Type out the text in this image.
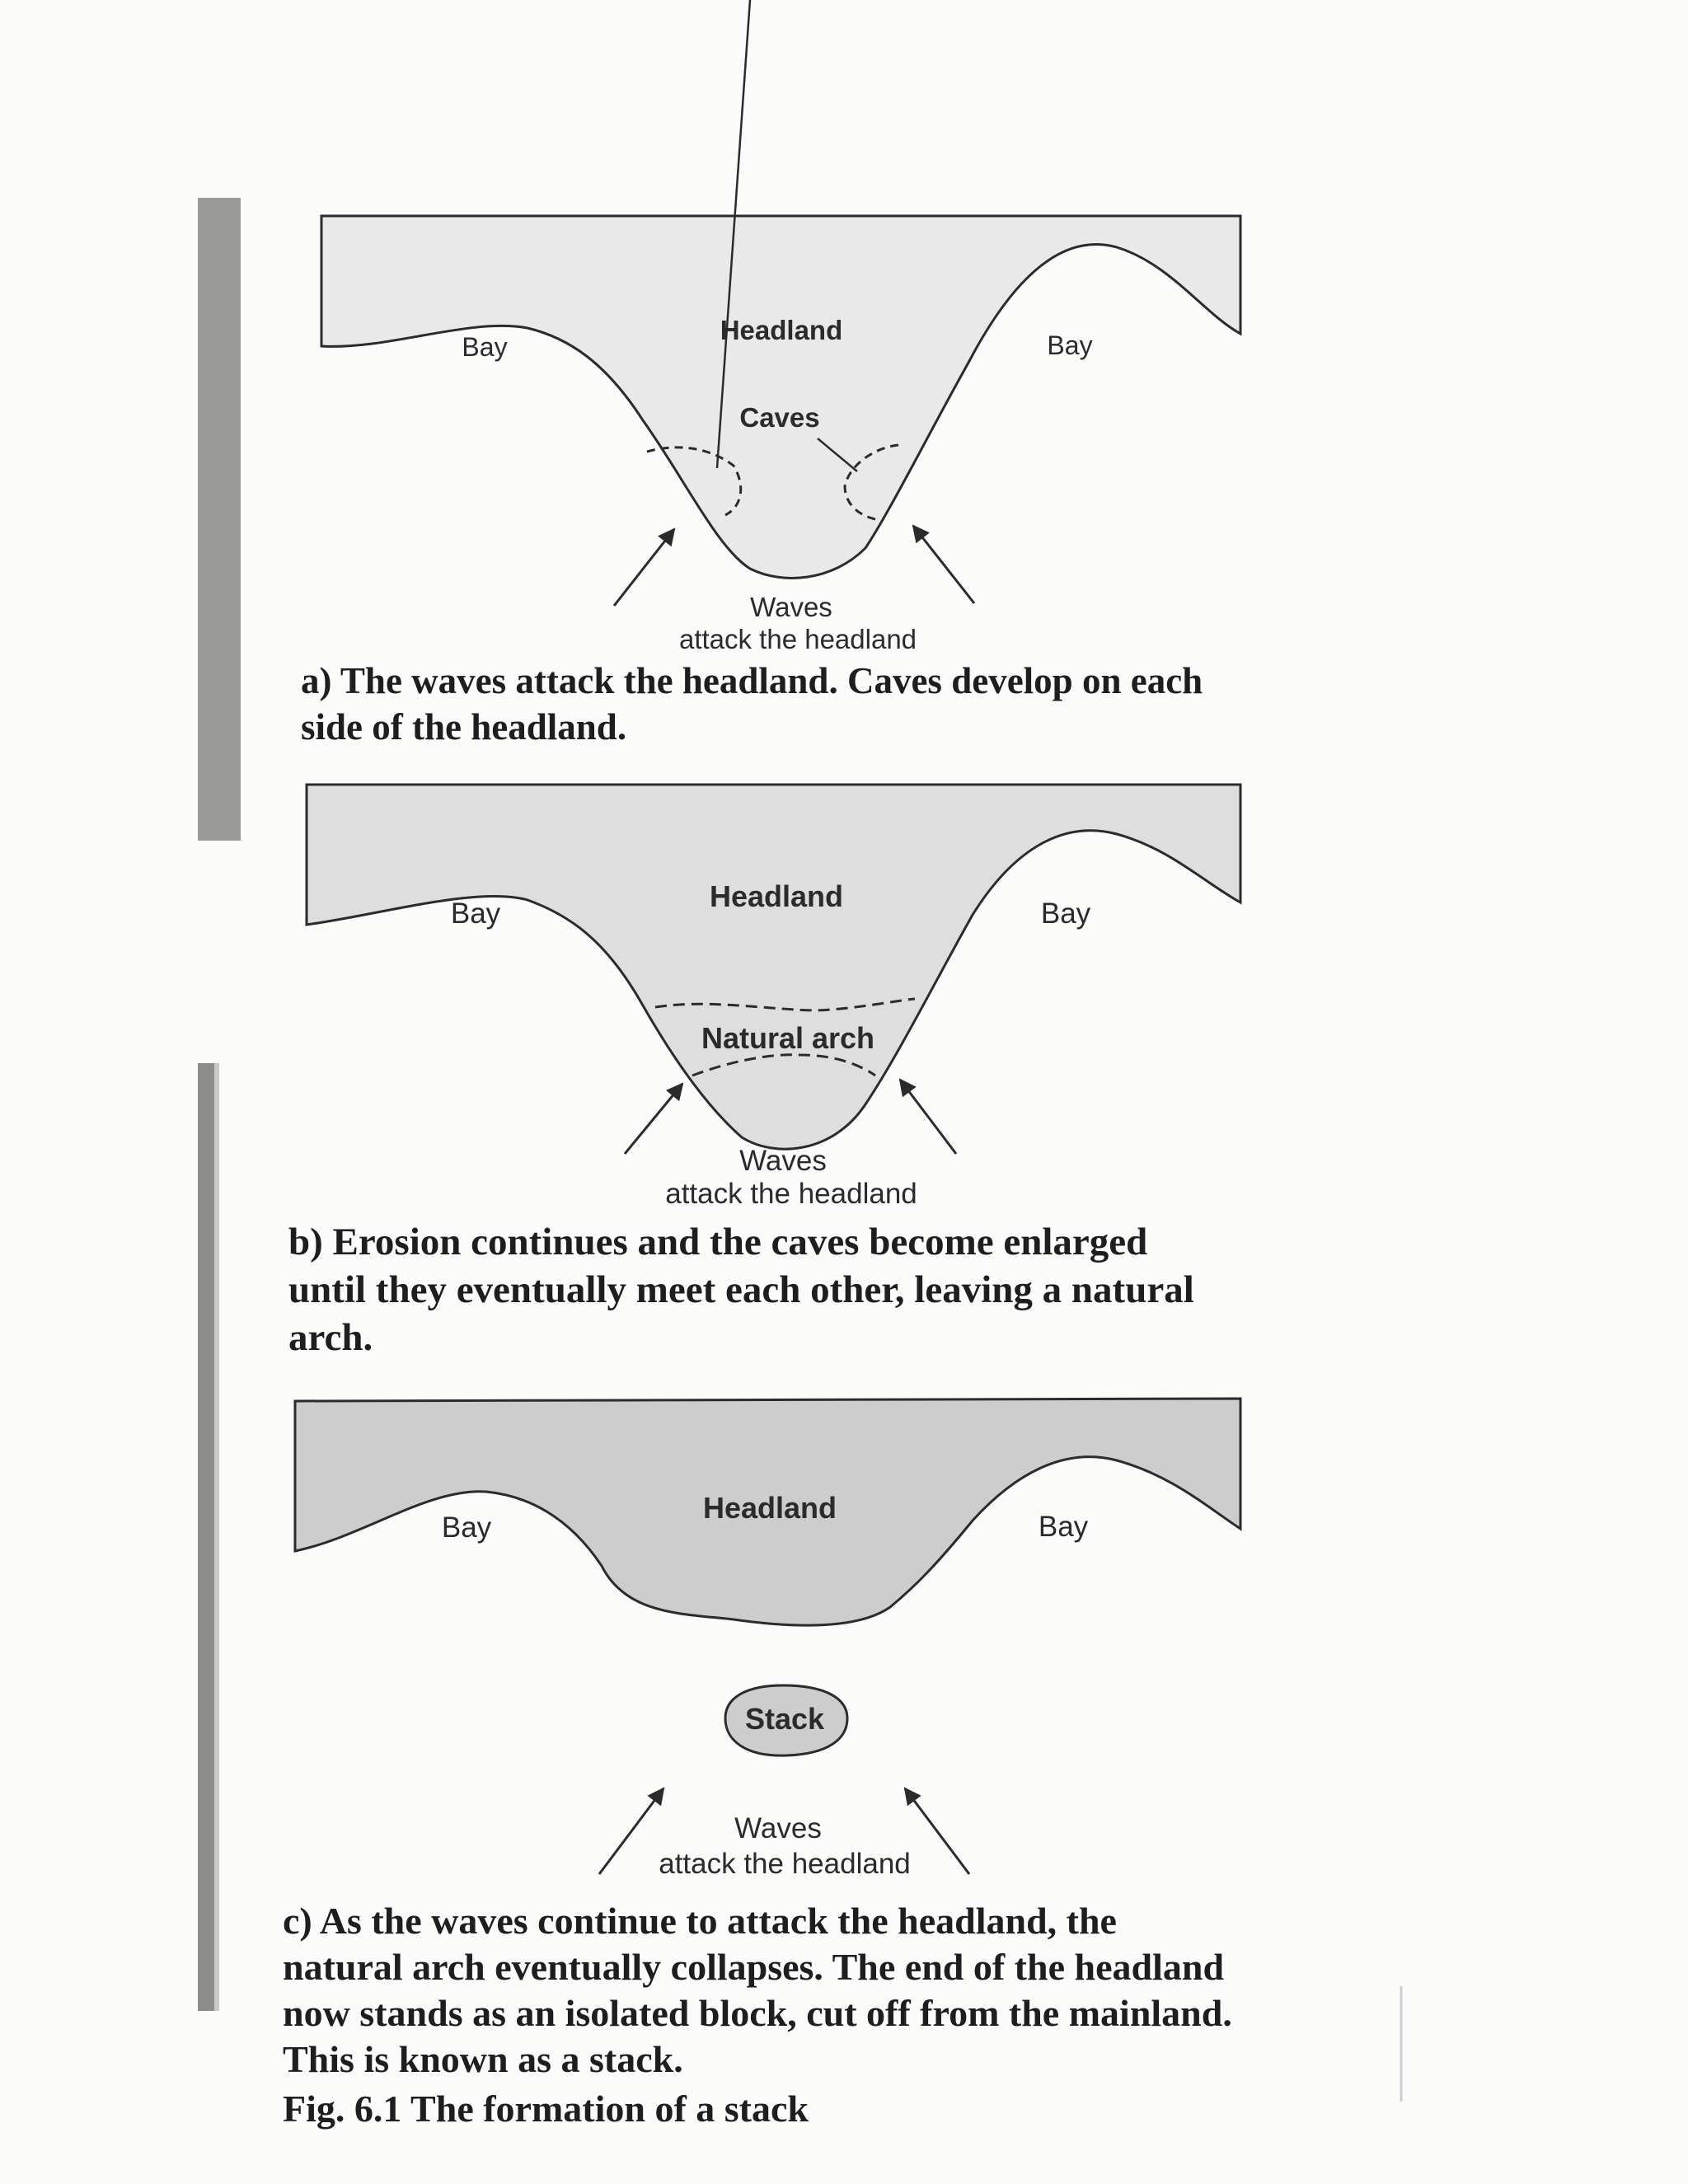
Bay	Bay
Headland
Caves
Waves
attack the headland
Bay	Bay
Headland
Natural arch
Waves
attack the headland
Bay	Bay
Headland
Stack
Waves
attack the headland

a) The waves attack the headland. Caves develop on each side of the headland.

b) Erosion continues and the caves become enlarged until they eventually meet each other, leaving a natural arch.

c) As the waves continue to attack the headland, the natural arch eventually collapses. The end of the headland now stands as an isolated block, cut off from the mainland. This is known as a stack.

Fig. 6.1 The formation of a stack
